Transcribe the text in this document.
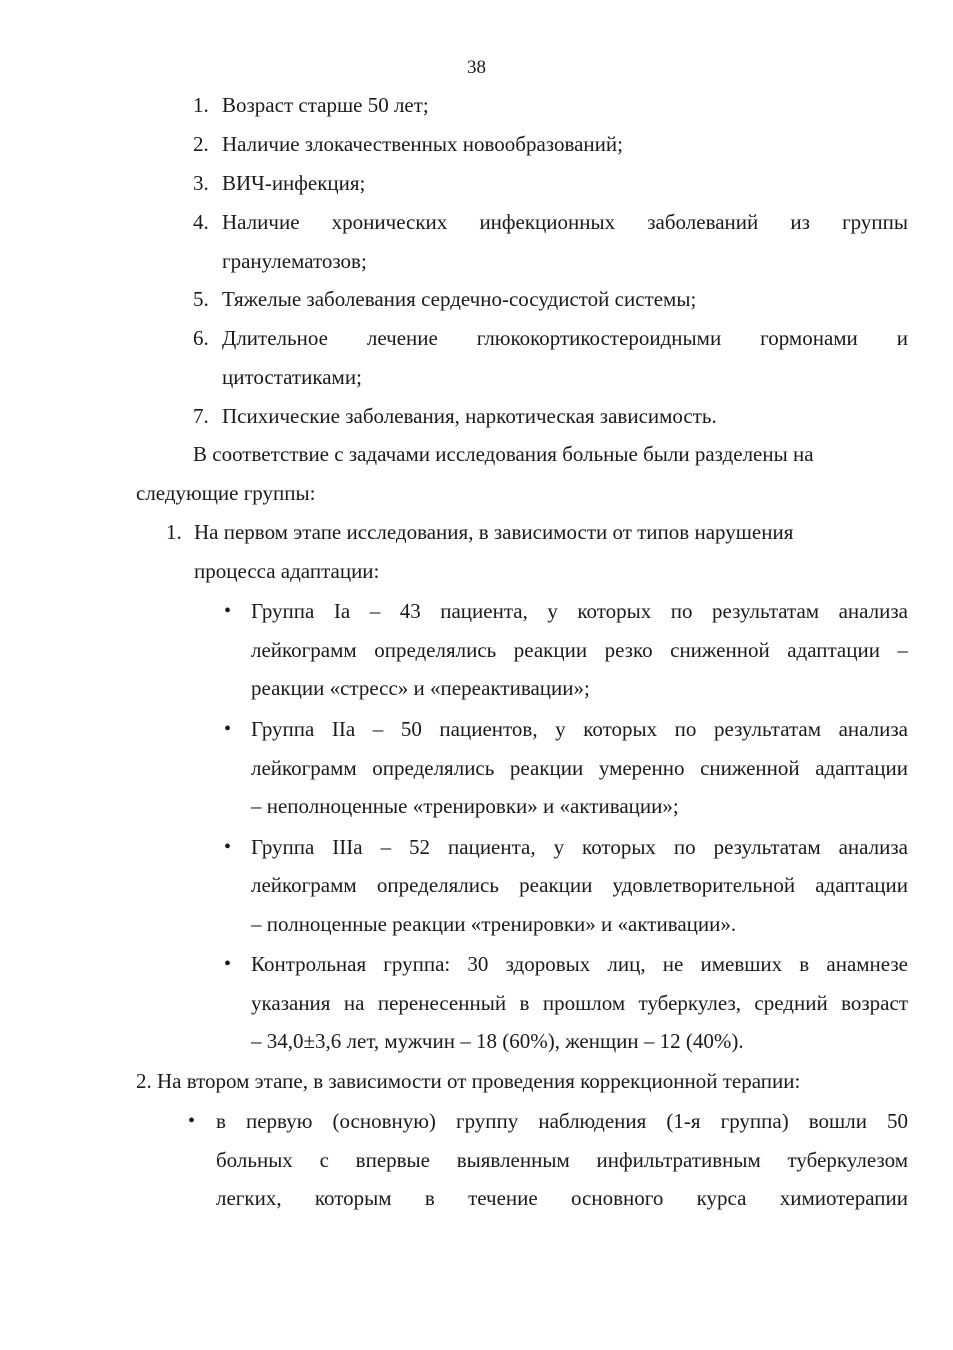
38
1. Возраст старше 50 лет;
2. Наличие злокачественных новообразований;
3. ВИЧ-инфекция;
4. Наличие хронических инфекционных заболеваний из группы
гранулематозов;
5. Тяжелые заболевания сердечно-сосудистой системы;
6. Длительное лечение глюкокортикостероидными гормонами и
цитостатиками;
7. Психические заболевания, наркотическая зависимость.
В соответствие с задачами исследования больные были разделены на
следующие группы:
1. На первом этапе исследования, в зависимости от типов нарушения
процесса адаптации:
• Группа Iа – 43 пациента, у которых по результатам анализа
лейкограмм определялись реакции резко сниженной адаптации –
реакции «стресс» и «переактивации»;
• Группа IIа – 50 пациентов, у которых по результатам анализа
лейкограмм определялись реакции умеренно сниженной адаптации
– неполноценные «тренировки» и «активации»;
• Группа IIIа – 52 пациента, у которых по результатам анализа
лейкограмм определялись реакции удовлетворительной адаптации
– полноценные реакции «тренировки» и «активации».
• Контрольная группа: 30 здоровых лиц, не имевших в анамнезе
указания на перенесенный в прошлом туберкулез, средний возраст
– 34,0±3,6 лет, мужчин – 18 (60%), женщин – 12 (40%).
2. На втором этапе, в зависимости от проведения коррекционной терапии:
• в первую (основную) группу наблюдения (1-я группа) вошли 50
больных с впервые выявленным инфильтративным туберкулезом
легких, которым в течение основного курса химиотерапии
